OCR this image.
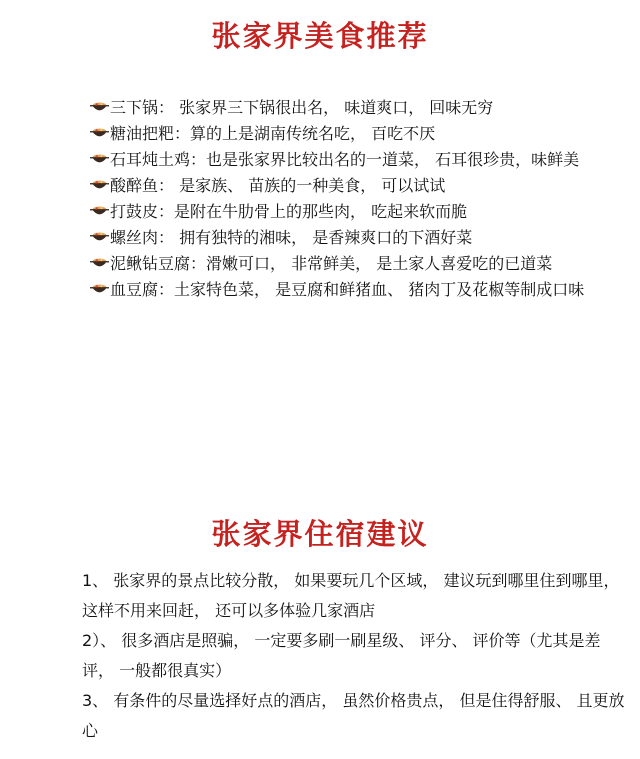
张家界美食推荐
三下锅： 张家界三下锅很出名， 味道爽口， 回味无穷
糖油把粑：算的上是湖南传统名吃， 百吃不厌
石耳炖土鸡：也是张家界比较出名的一道菜， 石耳很珍贵，味鲜美
酸醉鱼： 是家族、 苗族的一种美食， 可以试试
打鼓皮：是附在牛肋骨上的那些肉， 吃起来软而脆
螺丝肉： 拥有独特的湘味， 是香辣爽口的下酒好菜
泥鳅钻豆腐：滑嫩可口， 非常鲜美， 是土家人喜爱吃的已道菜
血豆腐：土家特色菜， 是豆腐和鲜猪血、 猪肉丁及花椒等制成口味
张家界住宿建议
1、 张家界的景点比较分散， 如果要玩几个区域， 建议玩到哪里住到哪里， 这样不用来回赶， 还可以多体验几家酒店
2）、 很多酒店是照骗， 一定要多刷一刷星级、 评分、 评价等（尤其是差评， 一般都很真实）
3、 有条件的尽量选择好点的酒店， 虽然价格贵点， 但是住得舒服、 且更放心
